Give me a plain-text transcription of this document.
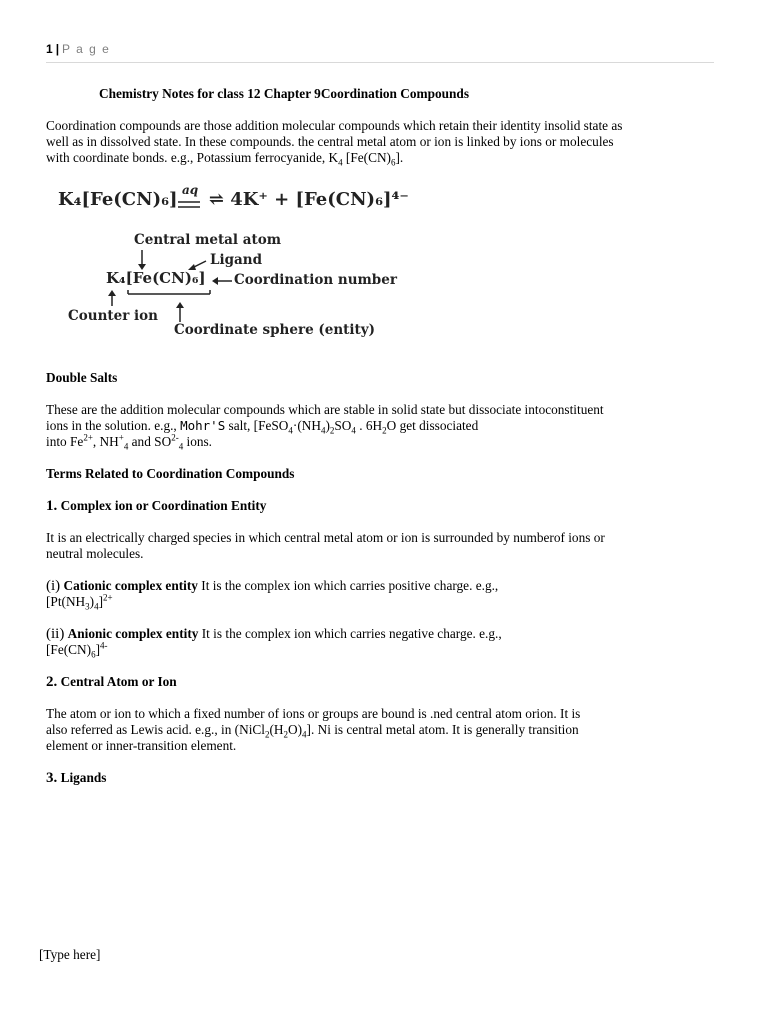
1 | P a g e
Chemistry Notes for class 12 Chapter 9Coordination Compounds

Coordination compounds are those addition molecular compounds which retain their identity insolid state as
well as in dissolved state. In these compounds. the central metal atom or ion is linked by ions or molecules
with coordinate bonds. e.g., Potassium ferrocyanide, $K_4$ $[Fe(CN)_6]$.

K₄[Fe(CN)₆] ⇌ 4K⁺ + [Fe(CN)₆]⁴⁻
aq
Central metal atom
Ligand
K₄[Fe(CN)₆] Coordination number
Counter ion
Coordinate sphere (entity)
Double Salts

These are the addition molecular compounds which are stable in solid state but dissociate intoconstituent
ions in the solution. e.g., Mohr'S salt, [$FeSO_4\cdot(NH_4)_2SO_4$ . $6H_2O$ get dissociated
into $Fe^{2+}$, $NH^+_4$ and $SO^{2-}_4$ ions.

Terms Related to Coordination Compounds
1. Complex ion or Coordination Entity

It is an electrically charged species in which central metal atom or ion is surrounded by numberof ions or
neutral molecules.

(i) Cationic complex entity It is the complex ion which carries positive charge. e.g.,
$[Pt(NH_3)_4]^{2+}$

(ii) Anionic complex entity It is the complex ion which carries negative charge. e.g.,
$[Fe(CN)_6]^{4-}$

2. Central Atom or Ion

The atom or ion to which a fixed number of ions or groups are bound is .ned central atom orion. It is
also referred as Lewis acid. e.g., in $(NiCl_2(H_2O)_4]$. Ni is central metal atom. It is generally transition
element or inner-transition element.

3. Ligands
[Type here]
